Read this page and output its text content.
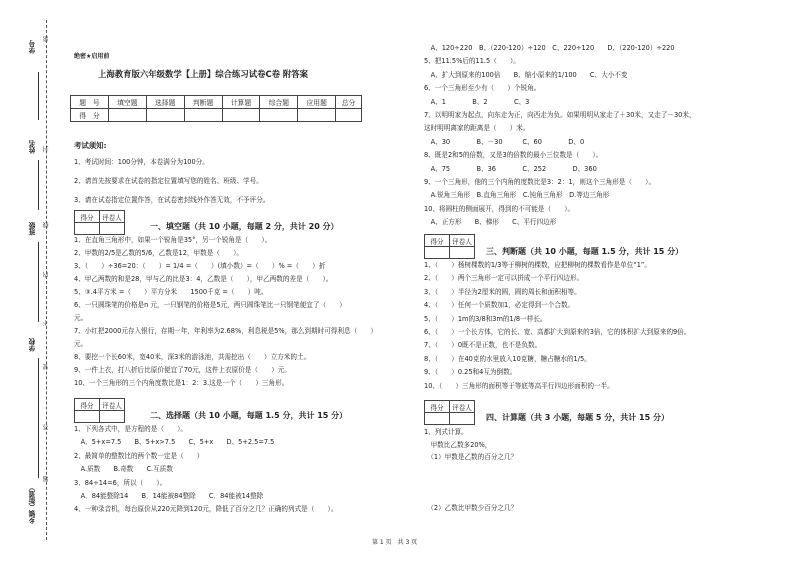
学号
姓名
班级
学校
乡镇（街道）
密
封
线
内
不
要
答
题
绝密★启用前
上海教育版六年级数学【上册】综合练习试卷C卷 附答案
题　号	填空题	选择题	判断题	计算题	综合题	应用题	总分
得　分							
考试须知:
1、考试时间：100分钟，本卷满分为100分。
2、请首先按要求在试卷的指定位置填写您的姓名、班级、学号。
3、请在试卷指定位置作答，在试卷密封线外作答无效，不予评分。
得分	评卷人

一、填空题（共 10 小题，每题 2 分，共计 20 分）
1、在直角三角形中，如果一个锐角是35°，另一个锐角是（　　）。
2、甲数的2/5是乙数的5/6，乙数是12，甲数是（　　）。
3、（　　）÷36=20：（　　）= 1/4 =（　　）(填小数）=（　　）% =（　　）折
4、甲乙两数的和是28，甲与乙的比是3：4，乙数是（　　），甲乙两数的差是（　　）。
5、③.4平方米 =（　　）平方分米　　1500千克 =（　　）吨。
6、一只圆珠笔的价格是n 元，一只钢笔的价格是5元，两只圆珠笔比一只钢笔便宜了（　　）
元。
7、小红把2000元存入银行，存期一年，年利率为2.68%，利息税是5%，那么到期时可得利息（　　）
元。
8、要挖一个长60米，宽40米，深3米的游泳池，共需挖出（　　）立方米的土。
9、一件上衣，打八折后比原价便宜了70元，这件上衣原价是（　　）元。
10、一个三角形的三个内角度数比是1：2：3.这是一个（　　）三角形。
得分	评卷人

二、选择题（共 10 小题，每题 1.5 分，共计 15 分）
1、下列各式中，是方程的是（　　）。
　A、5+x=7.5　　B、5+x>7.5　　C、5+x　　D、5+2.5=7.5
2、最简单的整数比的两个数一定是（　　）
　A.质数　　B.奇数　　C.互质数
3、84÷14=6，所以（　　）。
　A．84能整除14　　B．14能被84整除　　C．84能被14整除
4、一种录音机，每台原价从220元降到120元，降低了百分之几？正确的列式是（　　）。
　A、120÷220　B、（220-120）÷120　C、220÷120　　D、（220-120）÷220
5、把11.5%后的11.5（　　）。
　A、扩大到原来的100倍　　B、缩小原来的1/100　　C、大小不变
6、一个三角形至少有（　　）个锐角。
　A、1　　　　B、2　　　　C、3
7、以明明家为起点，向东走为正，向西走为负。如果明明从家走了＋30米，又走了－30米，
这时明明离家的距离是（　　）米。
　A、30　　　　B、－30　　　C、60　　　　D、0
8、既是2和5的倍数，又是3的倍数的最小三位数是（　　）。
　A、75　　　　B、36　　　　C、252　　　　D、360
9、一个三角形，他的三个内角的度数比是3：2：1，则这个三角形是（　　）。
　A.锐角三角形　B.直角三角形　C.钝角三角形　D.等边三角形
10、将圆柱的侧面展开，得到的不可能是（　　）。
　A、正方形　　B、梯形　　C、平行四边形
得分	评卷人

三、判断题（共 10 小题，每题 1.5 分，共计 15 分）
1、（　　）杨树棵数的1/3等于柳树的棵数，应把柳树的棵数看作是单位“1”。
2、（　　）两个三角形一定可以拼成一个平行四边形。
3、（　　）半径为2厘米的圆，圆的周长和面积相等。
4、（　　）任何一个质数加1，必定得到一个合数。
5、（　　）1m的3/8和3m的1/8一样长。
6、（　　）一个长方体，它的长、宽、高都扩大到原来的3倍，它的体积扩大到原来的9倍。
7、（　　）0既不是正数，也不是负数。
8、（　　）在40克的水里放入10克糖，糖占糖水的1/5。
9、（　　）0.25和4互为倒数。
10、（　　）三角形的面积等于等底等高平行四边形面积的一半。
得分	评卷人

四、计算题（共 3 小题，每题 5 分，共计 15 分）
1、列式计算。
　甲数比乙数多20%，
　（1）甲数是乙数的百分之几？
　（2）乙数比甲数少百分之几？
第 1 页　共 3 页
